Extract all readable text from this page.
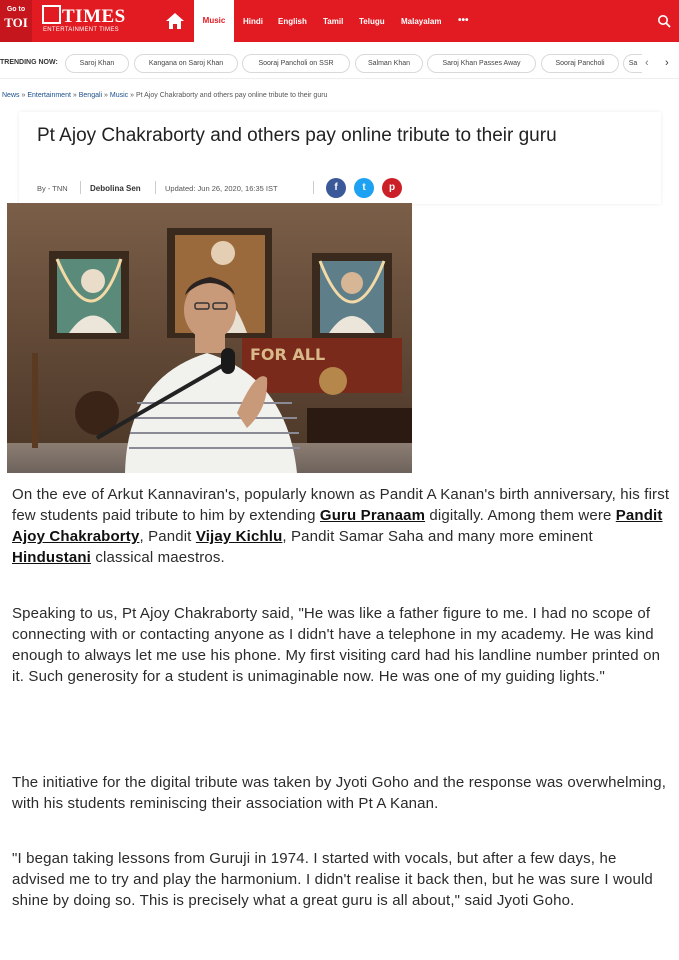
Go to
TOI	TIMES
ENTERTAINMENT TIMES
Music	Hindi English Tamil Telugu Malayalam •••
TRENDING NOW:	Saroj Khan	Kangana on Saroj Khan	Sooraj Pancholi on SSR	Salman Khan	Saroj Khan Passes Away	Sooraj Pancholi	Sa ‹ ›
News » Entertainment » Bengali » Music » Pt Ajoy Chakraborty and others pay online tribute to their guru
Pt Ajoy Chakraborty and others pay online tribute to their guru
By - TNN	Debolina Sen	Updated: Jun 26, 2020, 16:35 IST	f	t	p
FOR ALL

On the eve of Arkut Kannaviran's, popularly known as Pandit A Kanan's birth anniversary, his first few students paid tribute to him by extending Guru Pranaam digitally. Among them were Pandit Ajoy Chakraborty, Pandit Vijay Kichlu, Pandit Samar Saha and many more eminent Hindustani classical maestros.

Speaking to us, Pt Ajoy Chakraborty said, "He was like a father figure to me. I had no scope of connecting with or contacting anyone as I didn't have a telephone in my academy. He was kind enough to always let me use his phone. My first visiting card had his landline number printed on it. Such generosity for a student is unimaginable now. He was one of my guiding lights."

The initiative for the digital tribute was taken by Jyoti Goho and the response was overwhelming, with his students reminiscing their association with Pt A Kanan.

"I began taking lessons from Guruji in 1974. I started with vocals, but after a few days, he advised me to try and play the harmonium. I didn't realise it back then, but he was sure I would shine by doing so. This is precisely what a great guru is all about," said Jyoti Goho.
